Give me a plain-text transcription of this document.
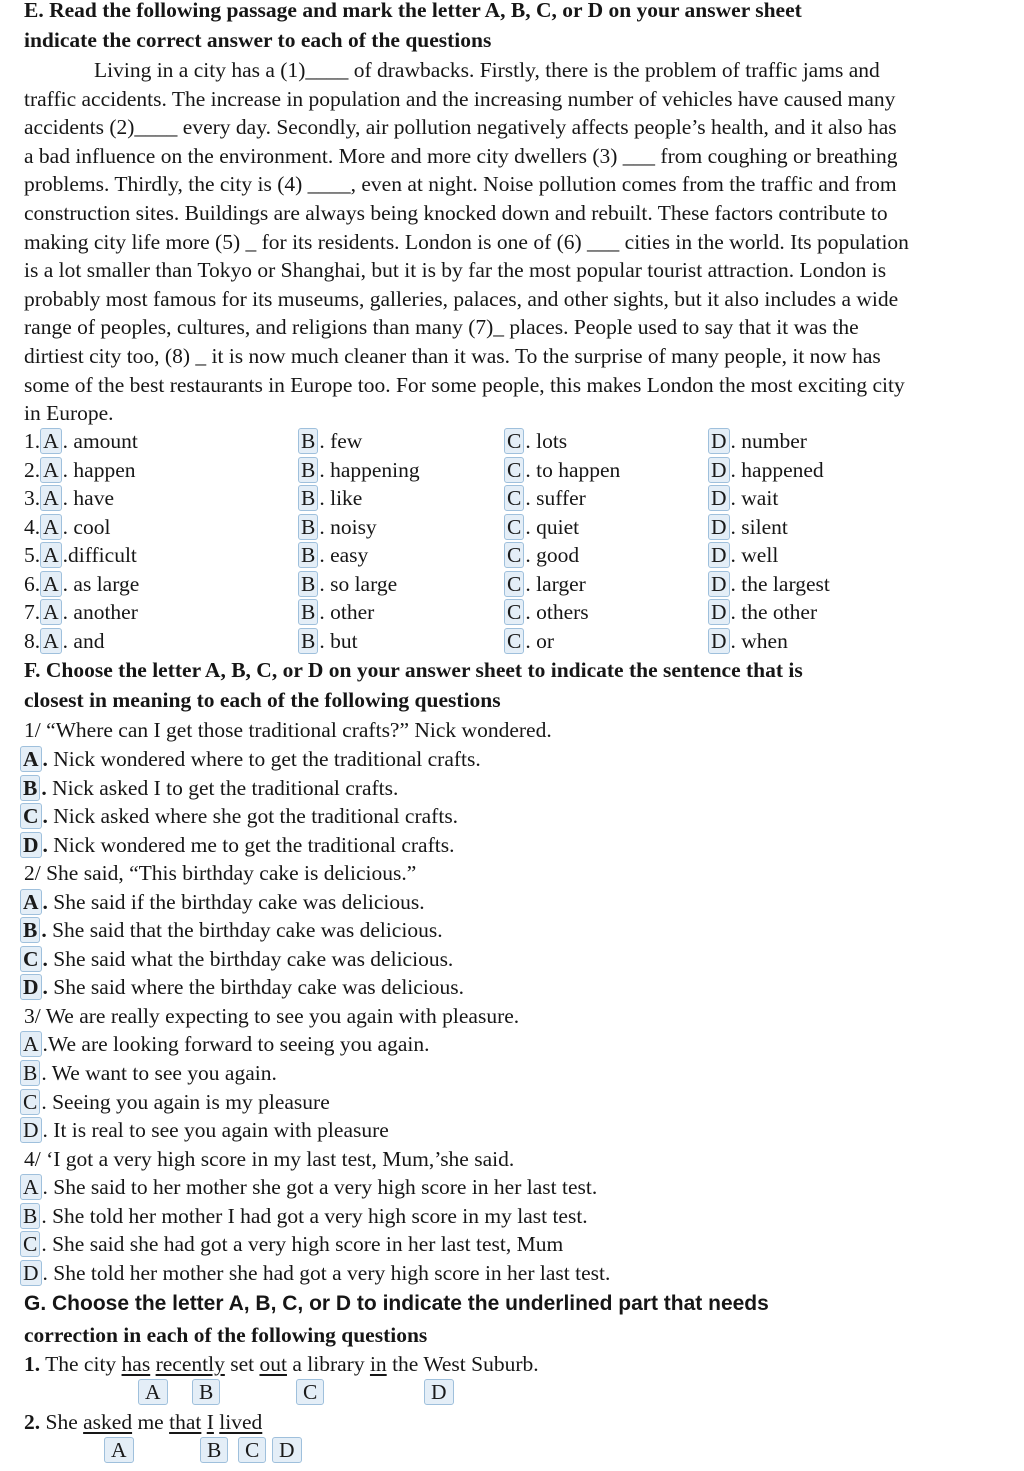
E. Read the following passage and mark the letter A, B, C, or D on your answer sheet
indicate the correct answer to each of the questions
Living in a city has a (1)____ of drawbacks. Firstly, there is the problem of traffic jams and
traffic accidents. The increase in population and the increasing number of vehicles have caused many
accidents (2)____ every day. Secondly, air pollution negatively affects people’s health, and it also has
a bad influence on the environment. More and more city dwellers (3) ___ from coughing or breathing
problems. Thirdly, the city is (4) ____, even at night. Noise pollution comes from the traffic and from
construction sites. Buildings are always being knocked down and rebuilt. These factors contribute to
making city life more (5) _ for its residents. London is one of (6) ___ cities in the world. Its population
is a lot smaller than Tokyo or Shanghai, but it is by far the most popular tourist attraction. London is
probably most famous for its museums, galleries, palaces, and other sights, but it also includes a wide
range of peoples, cultures, and religions than many (7)_ places. People used to say that it was the
dirtiest city too, (8) _ it is now much cleaner than it was. To the surprise of many people, it now has
some of the best restaurants in Europe too. For some people, this makes London the most exciting city
in Europe.
1. A . amount	B . few	C . lots	D . number
2. A . happen	B . happening	C . to happen	D . happened
3. A . have	B . like	C . suffer	D . wait
4. A . cool	B . noisy	C . quiet	D . silent
5. A .difficult	B . easy	C . good	D . well
6. A . as large	B . so large	C . larger	D . the largest
7. A . another	B . other	C . others	D . the other
8. A . and	B . but	C . or	D . when
F. Choose the letter A, B, C, or D on your answer sheet to indicate the sentence that is
closest in meaning to each of the following questions
1/ “Where can I get those traditional crafts?” Nick wondered.
A . Nick wondered where to get the traditional crafts.
B . Nick asked I to get the traditional crafts.
C . Nick asked where she got the traditional crafts.
D . Nick wondered me to get the traditional crafts.
2/ She said, “This birthday cake is delicious.”
A . She said if the birthday cake was delicious.
B . She said that the birthday cake was delicious.
C . She said what the birthday cake was delicious.
D . She said where the birthday cake was delicious.
3/ We are really expecting to see you again with pleasure.
A .We are looking forward to seeing you again.
B . We want to see you again.
C . Seeing you again is my pleasure
D . It is real to see you again with pleasure
4/ ‘I got a very high score in my last test, Mum,’she said.
A . She said to her mother she got a very high score in her last test.
B . She told her mother I had got a very high score in my last test.
C . She said she had got a very high score in her last test, Mum
D . She told her mother she had got a very high score in her last test.
G. Choose the letter A, B, C, or D to indicate the underlined part that needs
correction in each of the following questions
1. The city has recently set out a library in the West Suburb.
A	B	C	D
2. She asked me that I lived
A	B	C D
